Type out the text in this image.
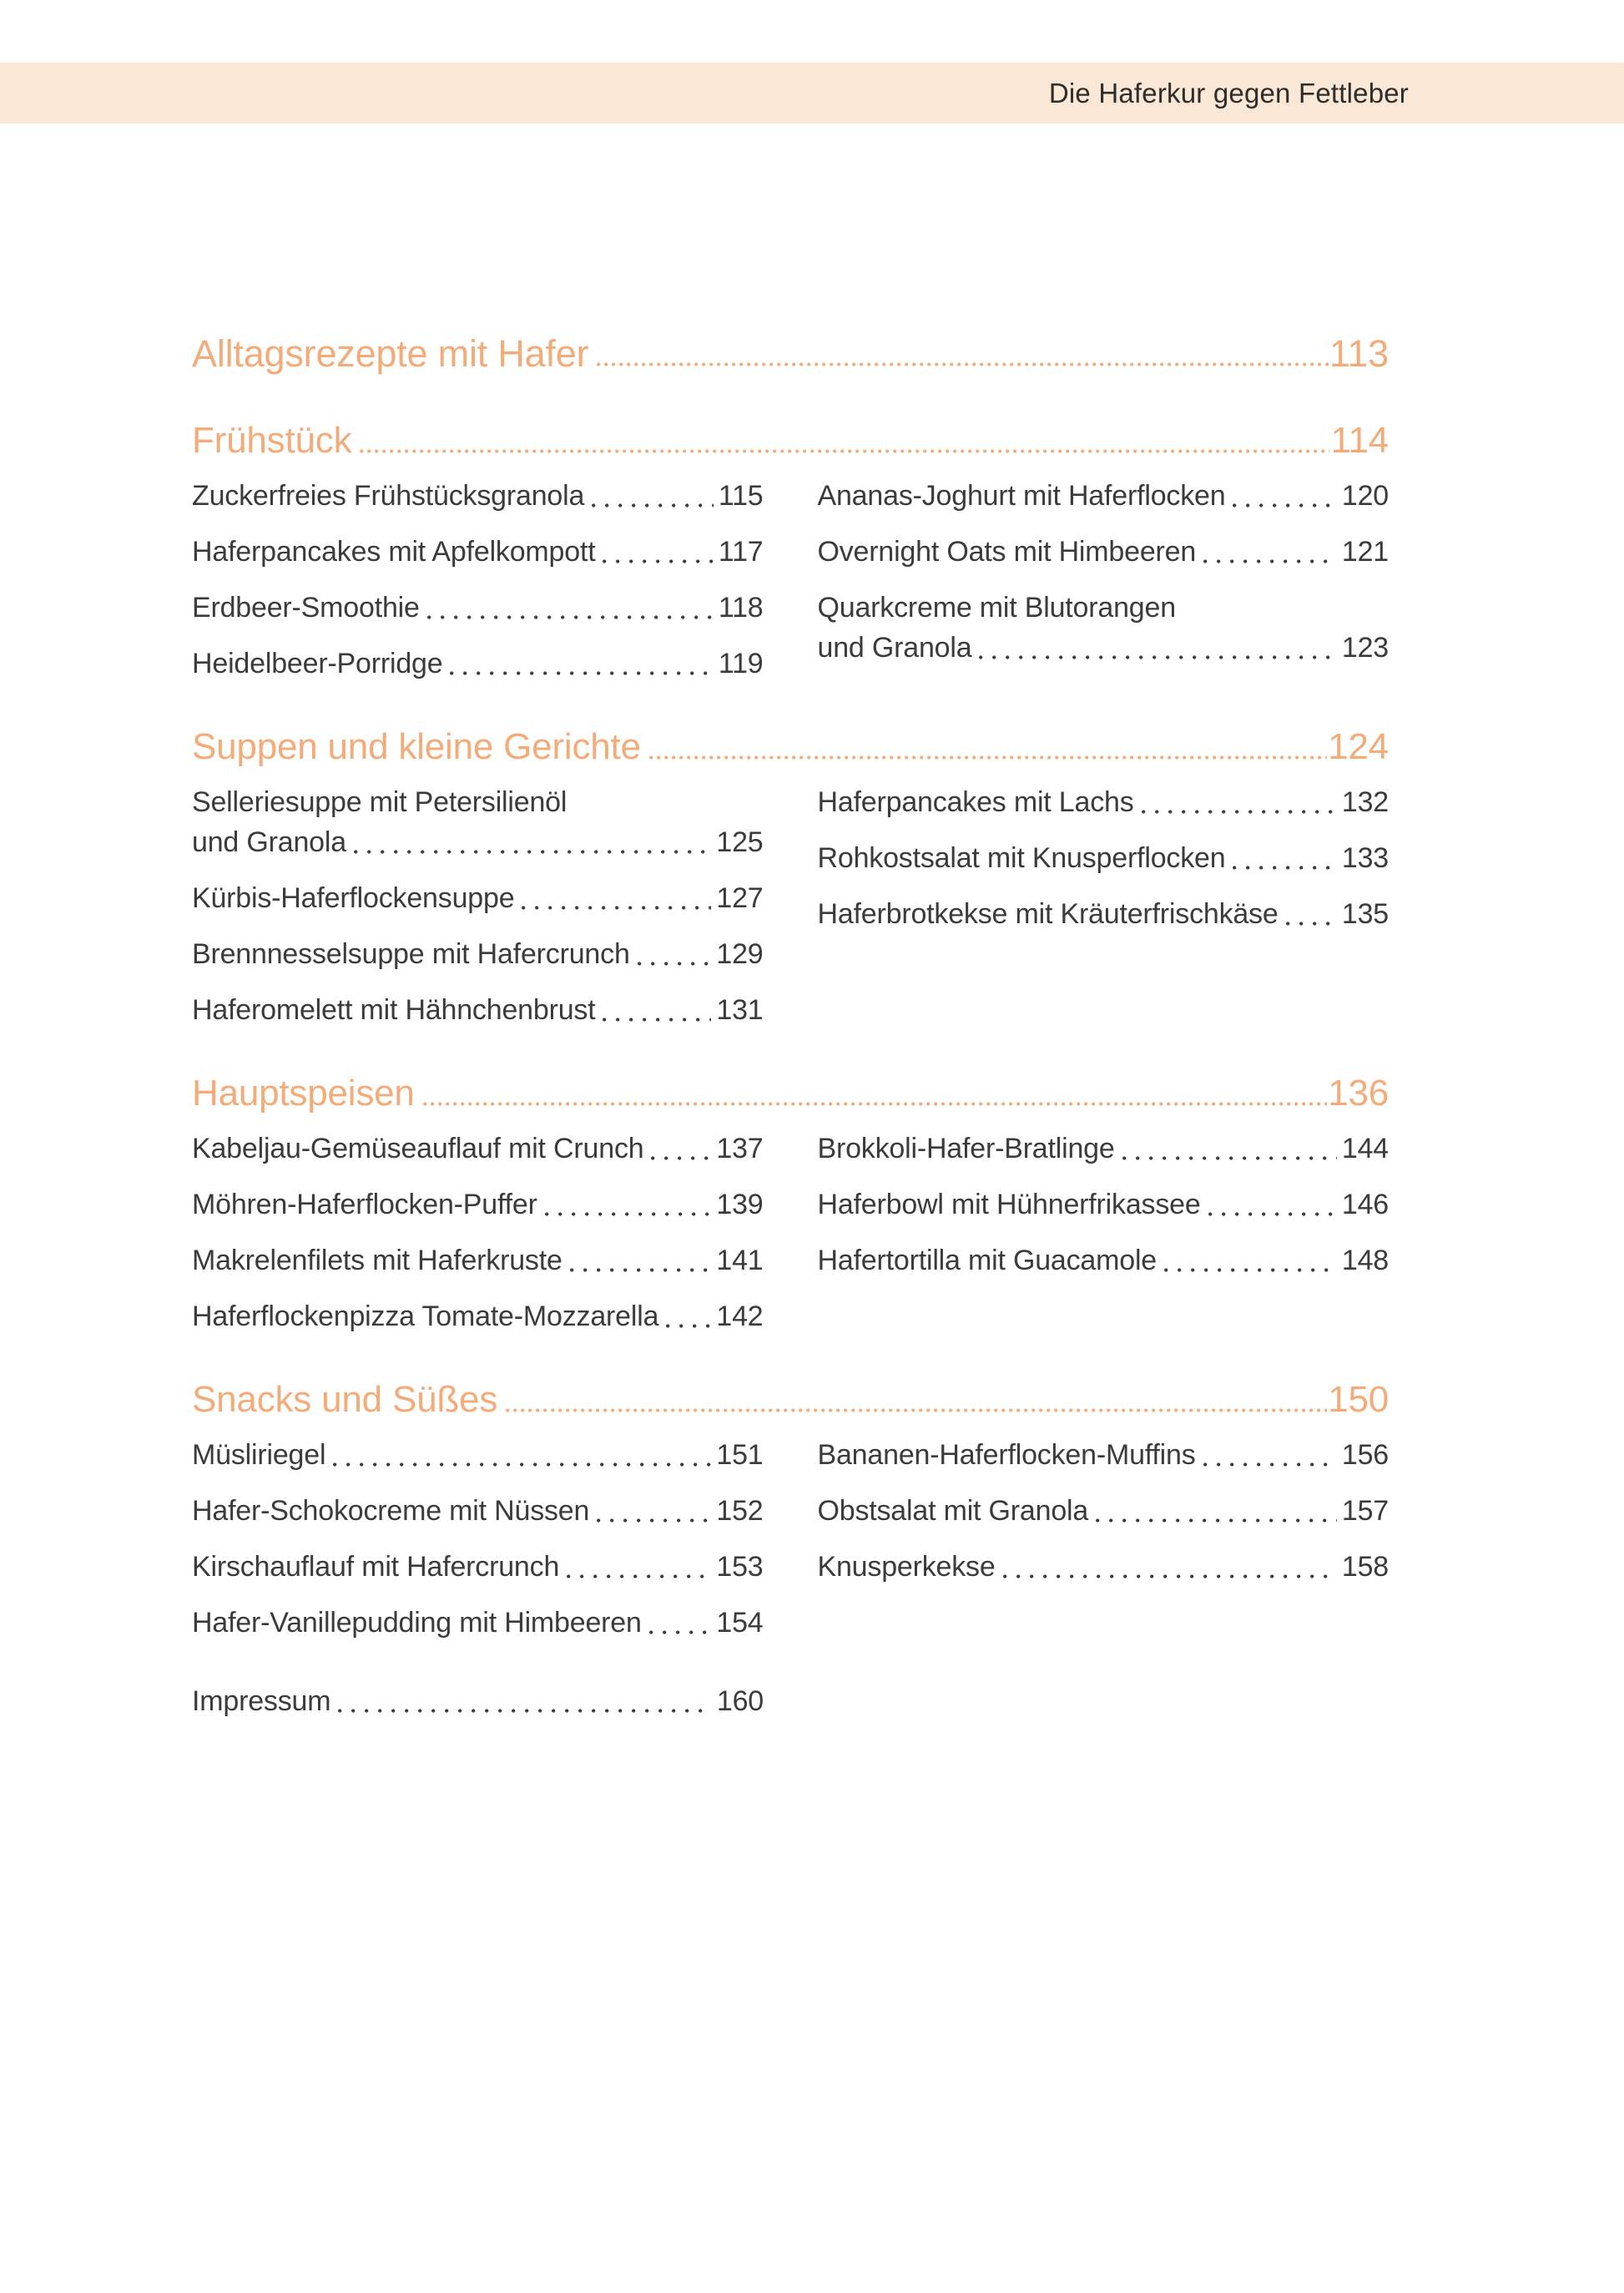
Die Haferkur gegen Fettleber
Alltagsrezepte mit Hafer	113
Frühstück	114
Zuckerfreies Frühstücksgranola	115
Haferpancakes mit Apfelkompott	117
Erdbeer-Smoothie	118
Heidelbeer-Porridge	119
Ananas-Joghurt mit Haferflocken	120
Overnight Oats mit Himbeeren	121
Quarkcreme mit Blutorangen
und Granola	123
Suppen und kleine Gerichte	124
Selleriesuppe mit Petersilienöl
und Granola	125
Kürbis-Haferflockensuppe	127
Brennnesselsuppe mit Hafercrunch	129
Haferomelett mit Hähnchenbrust	131
Haferpancakes mit Lachs	132
Rohkostsalat mit Knusperflocken	133
Haferbrotkekse mit Kräuterfrischkäse 135
Hauptspeisen	136
Kabeljau-Gemüseauflauf mit Crunch	137
Möhren-Haferflocken-Puffer	139
Makrelenfilets mit Haferkruste	141
Haferflockenpizza Tomate-Mozzarella 142
Brokkoli-Hafer-Bratlinge	144
Haferbowl mit Hühnerfrikassee	146
Hafertortilla mit Guacamole	148
Snacks und Süßes	150
Müsliriegel	151
Hafer-Schokocreme mit Nüssen	152
Kirschauflauf mit Hafercrunch	153
Hafer-Vanillepudding mit Himbeeren	154
Bananen-Haferflocken-Muffins	156
Obstsalat mit Granola	157
Knusperkekse	158
Impressum	160
